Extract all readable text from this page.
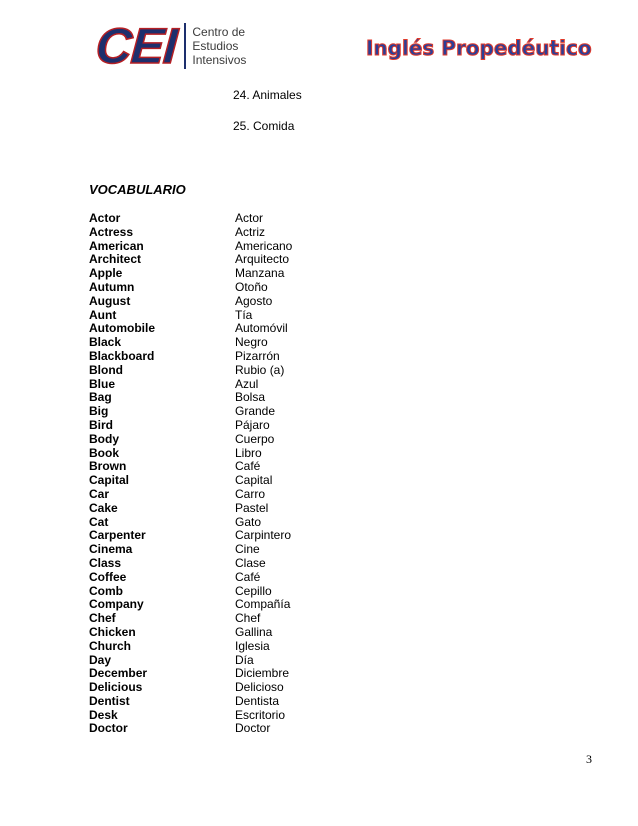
CEI Centro de
Estudios
Intensivos	Inglés Propedéutico
24. Animales
25. Comida
VOCABULARIO
Actor	Actor
Actress	Actriz
American	Americano
Architect	Arquitecto
Apple	Manzana
Autumn	Otoño
August	Agosto
Aunt	Tía
Automobile	Automóvil
Black	Negro
Blackboard	Pizarrón
Blond	Rubio (a)
Blue	Azul
Bag	Bolsa
Big	Grande
Bird	Pájaro
Body	Cuerpo
Book	Libro
Brown	Café
Capital	Capital
Car	Carro
Cake	Pastel
Cat	Gato
Carpenter	Carpintero
Cinema	Cine
Class	Clase
Coffee	Café
Comb	Cepillo
Company	Compañía
Chef	Chef
Chicken	Gallina
Church	Iglesia
Day	Día
December	Diciembre
Delicious	Delicioso
Dentist	Dentista
Desk	Escritorio
Doctor	Doctor
3
